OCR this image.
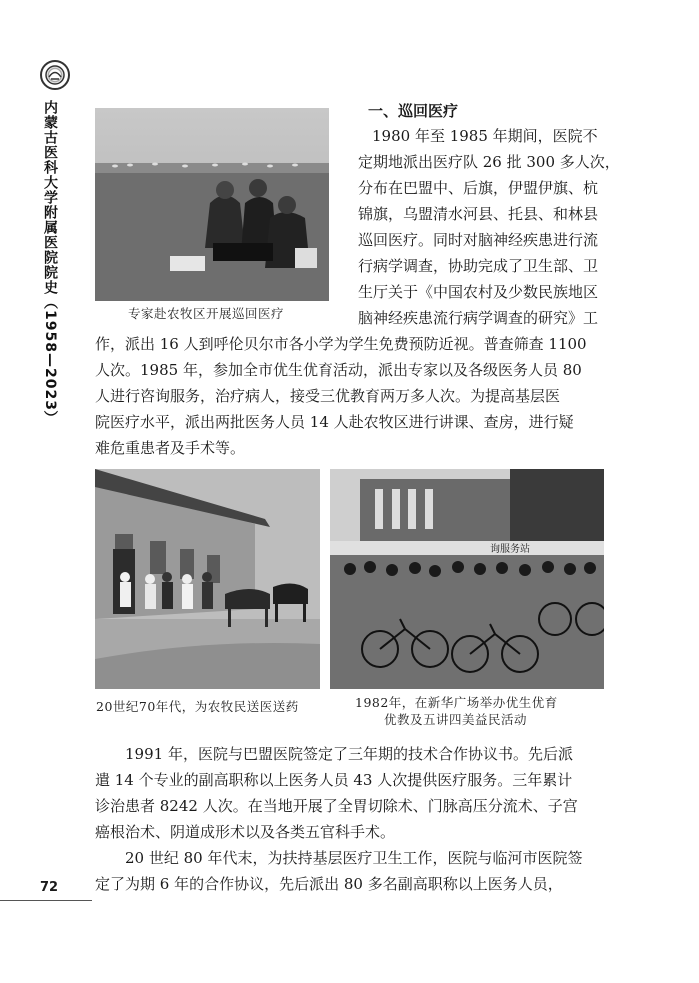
内蒙古医科大学附属医院院史（1958—2023）
72
专家赴农牧区开展巡回医疗
一、巡回医疗
1980 年至 1985 年期间，医院不
定期地派出医疗队 26 批 300 多人次，
分布在巴盟中、后旗，伊盟伊旗、杭
锦旗，乌盟清水河县、托县、和林县
巡回医疗。同时对脑神经疾患进行流
行病学调查，协助完成了卫生部、卫
生厅关于《中国农村及少数民族地区
脑神经疾患流行病学调查的研究》工
作，派出 16 人到呼伦贝尔市各小学为学生免费预防近视。普查筛查 1100
人次。1985 年，参加全市优生优育活动，派出专家以及各级医务人员 80
人进行咨询服务，治疗病人，接受三优教育两万多人次。为提高基层医
院医疗水平，派出两批医务人员 14 人赴农牧区进行讲课、查房，进行疑
难危重患者及手术等。
20世纪70年代，为农牧民送医送药
询服务站
1982年，在新华广场举办优生优育
优教及五讲四美益民活动
1991 年，医院与巴盟医院签定了三年期的技术合作协议书。先后派
遣 14 个专业的副高职称以上医务人员 43 人次提供医疗服务。三年累计
诊治患者 8242 人次。在当地开展了全胃切除术、门脉高压分流术、子宫
癌根治术、阴道成形术以及各类五官科手术。
20 世纪 80 年代末，为扶持基层医疗卫生工作，医院与临河市医院签
定了为期 6 年的合作协议，先后派出 80 多名副高职称以上医务人员，
